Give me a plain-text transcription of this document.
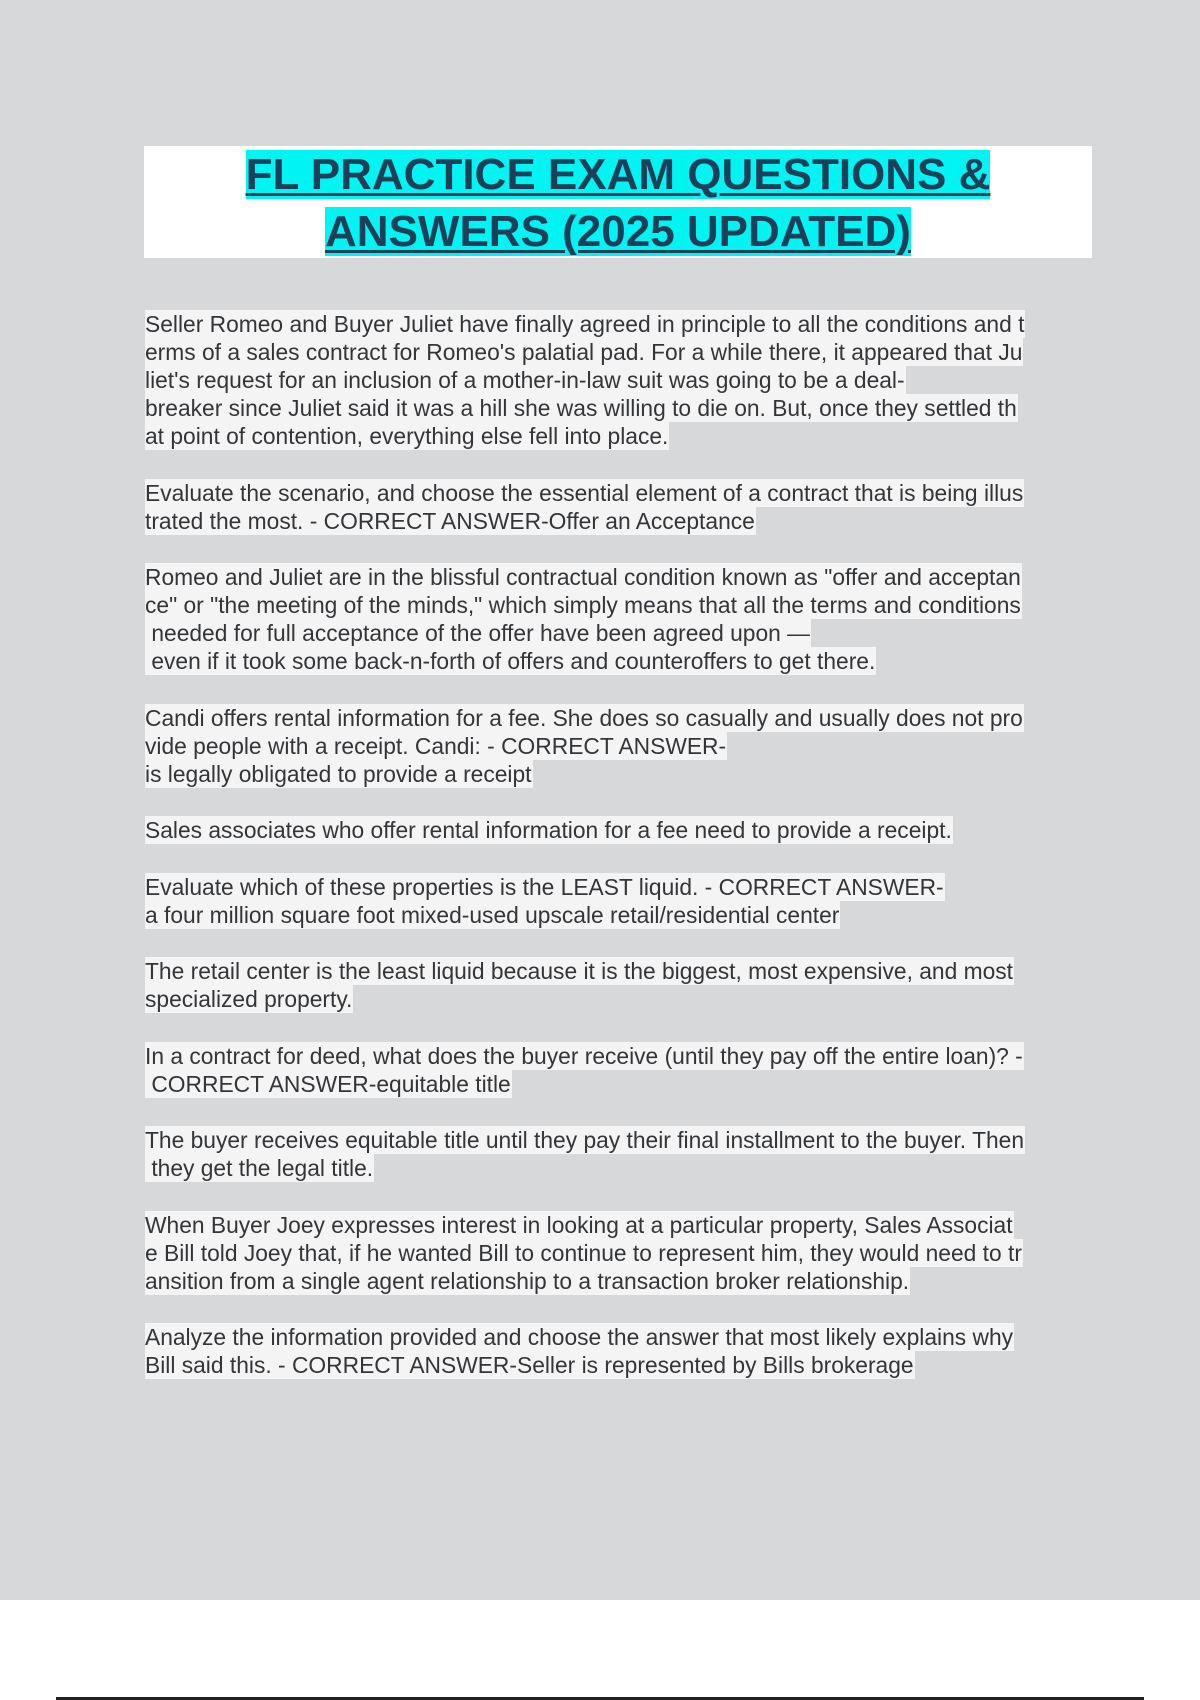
FL PRACTICE EXAM QUESTIONS &
ANSWERS (2025 UPDATED)
Seller Romeo and Buyer Juliet have finally agreed in principle to all the conditions and t
erms of a sales contract for Romeo's palatial pad. For a while there, it appeared that Ju
liet's request for an inclusion of a mother-in-law suit was going to be a deal-
breaker since Juliet said it was a hill she was willing to die on. But, once they settled th
at point of contention, everything else fell into place.
Evaluate the scenario, and choose the essential element of a contract that is being illus
trated the most. - CORRECT ANSWER-Offer an Acceptance
Romeo and Juliet are in the blissful contractual condition known as "offer and acceptan
ce" or "the meeting of the minds," which simply means that all the terms and conditions
needed for full acceptance of the offer have been agreed upon —
even if it took some back-n-forth of offers and counteroffers to get there.
Candi offers rental information for a fee. She does so casually and usually does not pro
vide people with a receipt. Candi: - CORRECT ANSWER-
is legally obligated to provide a receipt
Sales associates who offer rental information for a fee need to provide a receipt.
Evaluate which of these properties is the LEAST liquid. - CORRECT ANSWER-
a four million square foot mixed-used upscale retail/residential center
The retail center is the least liquid because it is the biggest, most expensive, and most
specialized property.
In a contract for deed, what does the buyer receive (until they pay off the entire loan)? -
CORRECT ANSWER-equitable title
The buyer receives equitable title until they pay their final installment to the buyer. Then
they get the legal title.
When Buyer Joey expresses interest in looking at a particular property, Sales Associat
e Bill told Joey that, if he wanted Bill to continue to represent him, they would need to tr
ansition from a single agent relationship to a transaction broker relationship.
Analyze the information provided and choose the answer that most likely explains why
Bill said this. - CORRECT ANSWER-Seller is represented by Bills brokerage
